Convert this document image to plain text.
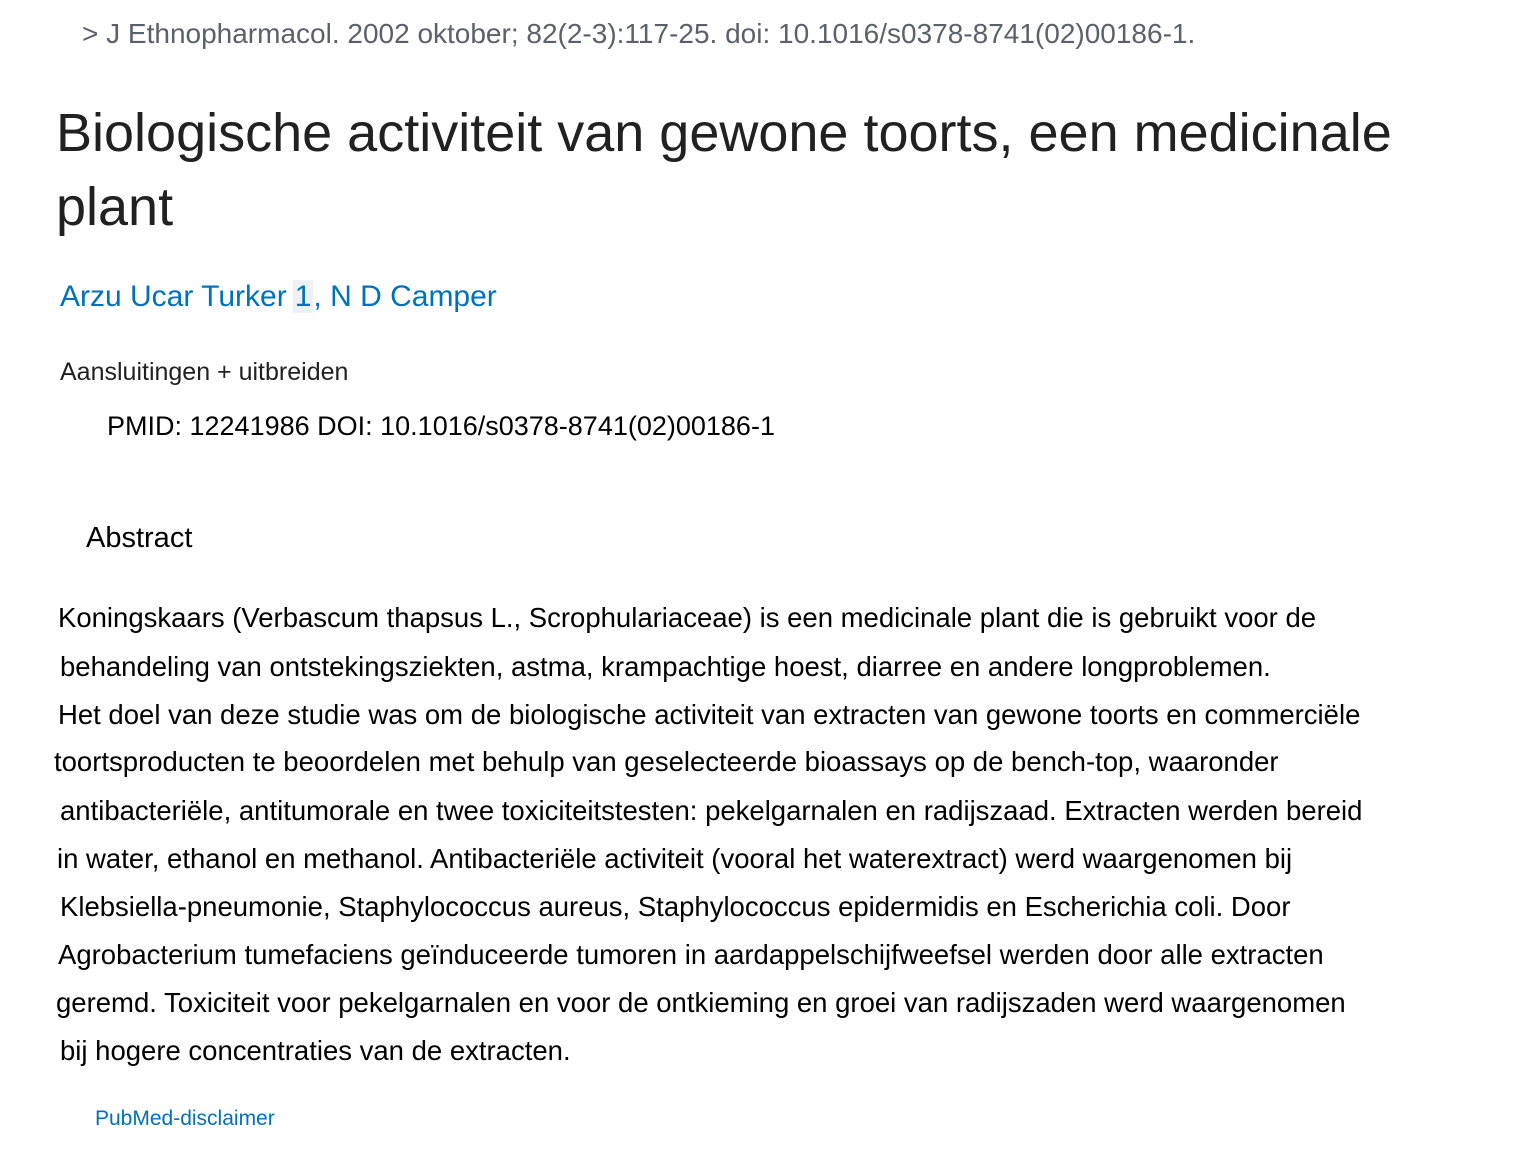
> J Ethnopharmacol. 2002 oktober; 82(2-3):117-25. doi: 10.1016/s0378-8741(02)00186-1.
Biologische activiteit van gewone toorts, een medicinale plant
Arzu Ucar Turker 1, N D Camper
Aansluitingen + uitbreiden
PMID: 12241986 DOI: 10.1016/s0378-8741(02)00186-1
Abstract
Koningskaars (Verbascum thapsus L., Scrophulariaceae) is een medicinale plant die is gebruikt voor de
behandeling van ontstekingsziekten, astma, krampachtige hoest, diarree en andere longproblemen.
Het doel van deze studie was om de biologische activiteit van extracten van gewone toorts en commerciële
toortsproducten te beoordelen met behulp van geselecteerde bioassays op de bench-top, waaronder
antibacteriële, antitumorale en twee toxiciteitstesten: pekelgarnalen en radijszaad. Extracten werden bereid
in water, ethanol en methanol. Antibacteriële activiteit (vooral het waterextract) werd waargenomen bij
Klebsiella-pneumonie, Staphylococcus aureus, Staphylococcus epidermidis en Escherichia coli. Door
Agrobacterium tumefaciens geïnduceerde tumoren in aardappelschijfweefsel werden door alle extracten
geremd. Toxiciteit voor pekelgarnalen en voor de ontkieming en groei van radijszaden werd waargenomen
bij hogere concentraties van de extracten.
PubMed-disclaimer
